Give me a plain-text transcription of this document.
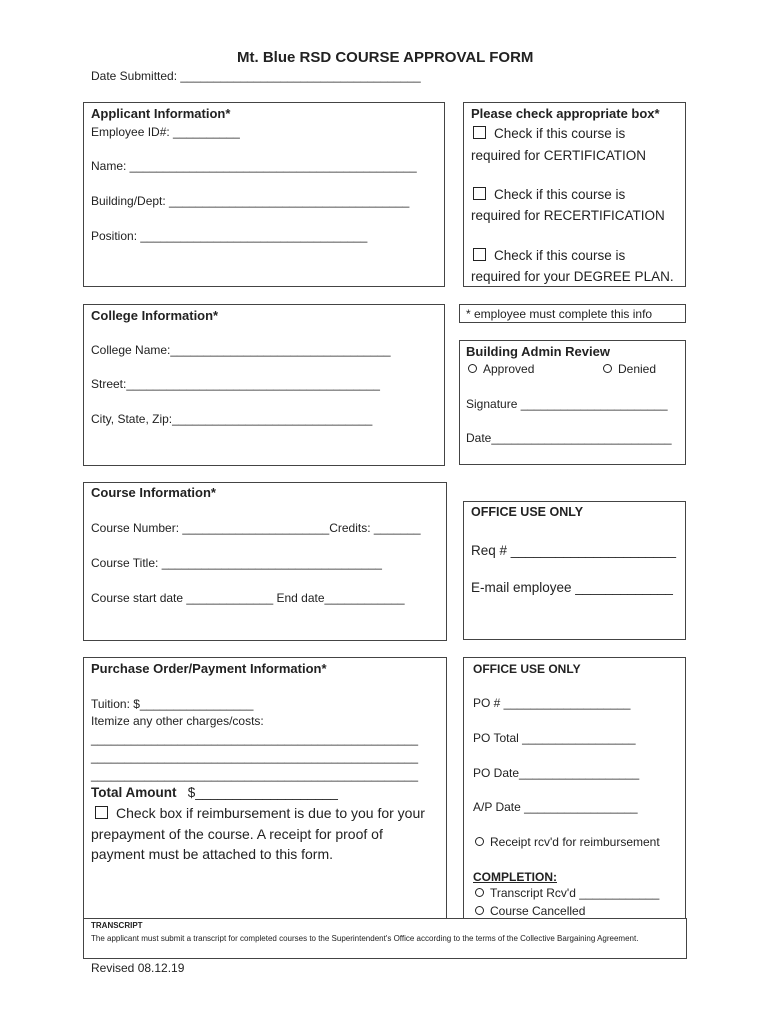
Mt. Blue RSD COURSE APPROVAL FORM
Date Submitted: ____________________________________
Applicant Information*
Employee ID#: __________
Name: ___________________________________________
Building/Dept: ____________________________________
Position: __________________________________
Please check appropriate box*
Check if this course is
required for CERTIFICATION
Check if this course is
required for RECERTIFICATION
Check if this course is
required for your DEGREE PLAN.
College Information*
College Name:_________________________________
Street:______________________________________
City, State, Zip:______________________________
* employee must complete this info
Building Admin Review
Approved	Denied
Signature ______________________
Date___________________________
Course Information*
Course Number: ______________________Credits: _______
Course Title: _________________________________
Course start date _____________ End date____________
OFFICE USE ONLY
Req # ______________________
E-mail employee _____________
Purchase Order/Payment Information*
Tuition: $_________________
Itemize any other charges/costs:
_________________________________________________
_________________________________________________
_________________________________________________
Total Amount $___________________
Check box if reimbursement is due to you for your
prepayment of the course. A receipt for proof of
payment must be attached to this form.
OFFICE USE ONLY
PO # ___________________
PO Total _________________
PO Date__________________
A/P Date _________________
Receipt rcv'd for reimbursement
COMPLETION:
Transcript Rcv'd ____________
Course Cancelled
TRANSCRIPT
The applicant must submit a transcript for completed courses to the Superintendent's Office according to the terms of the Collective Bargaining Agreement.
Revised 08.12.19
